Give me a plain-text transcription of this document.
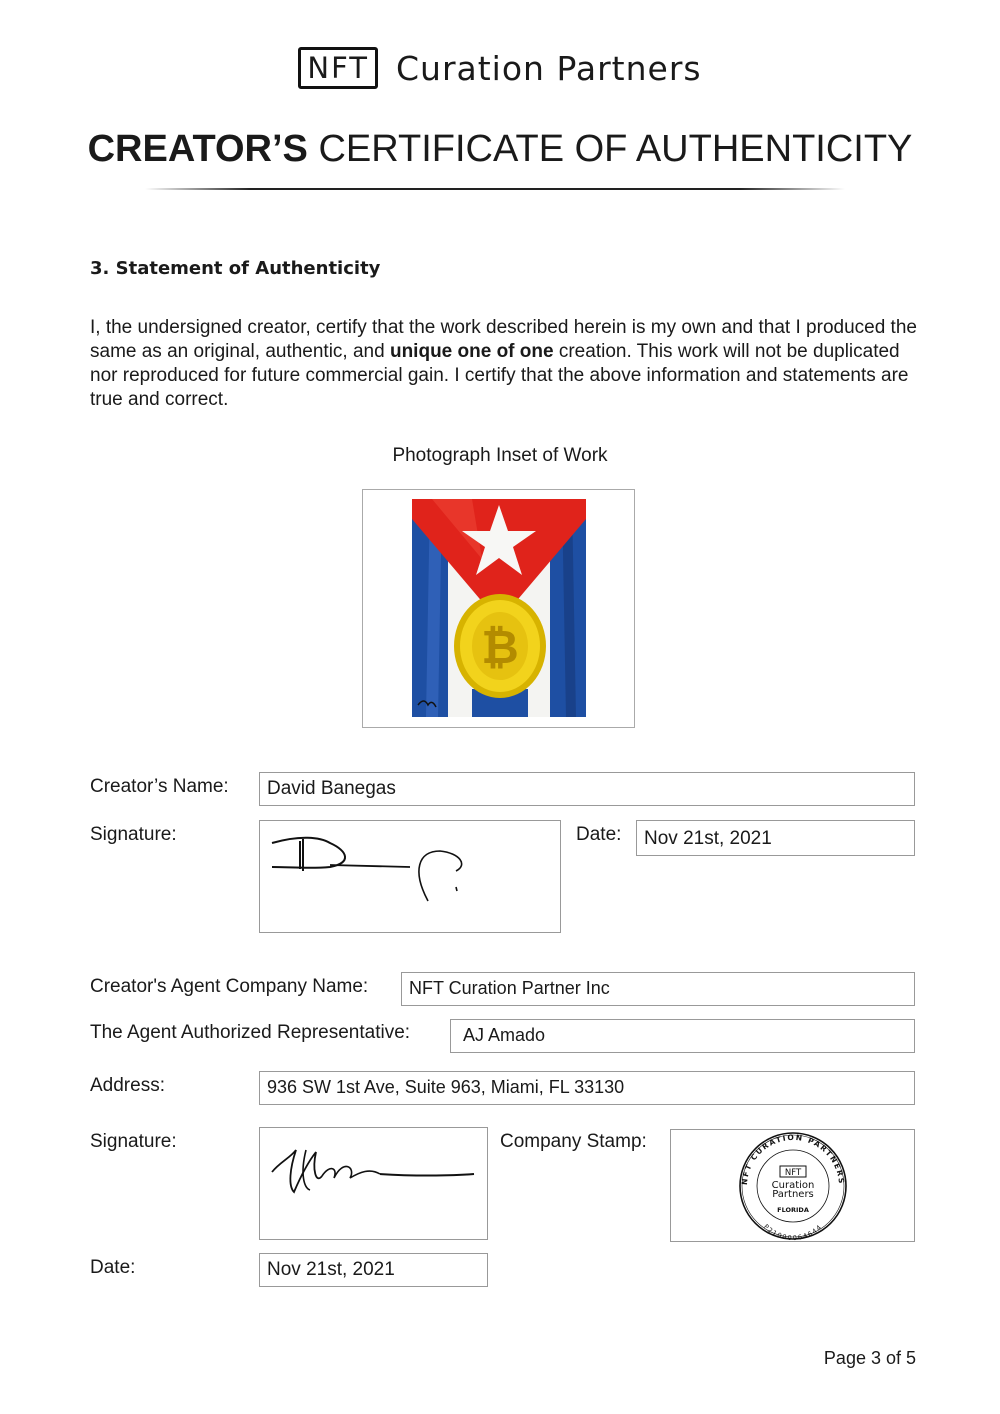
NFT Curation Partners
CREATOR’S CERTIFICATE OF AUTHENTICITY
3. Statement of Authenticity
I, the undersigned creator, certify that the work described herein is my own and that I produced the same as an original, authentic, and unique one of one creation. This work will not be duplicated nor reproduced for future commercial gain. I certify that the above information and statements are true and correct.
Photograph Inset of Work
₿
Creator’s Name:	David Banegas
Signature:	Date:	Nov 21st, 2021
Creator's Agent Company Name:	NFT Curation Partner Inc
The Agent Authorized Representative:	AJ Amado
Address:	936 SW 1st Ave, Suite 963, Miami, FL 33130
Signature:	Company Stamp:
NFT CURATION PARTNERS
NFT
Curation
Partners
FLORIDA
P21000064644
Date:	Nov 21st, 2021
Page 3 of 5
